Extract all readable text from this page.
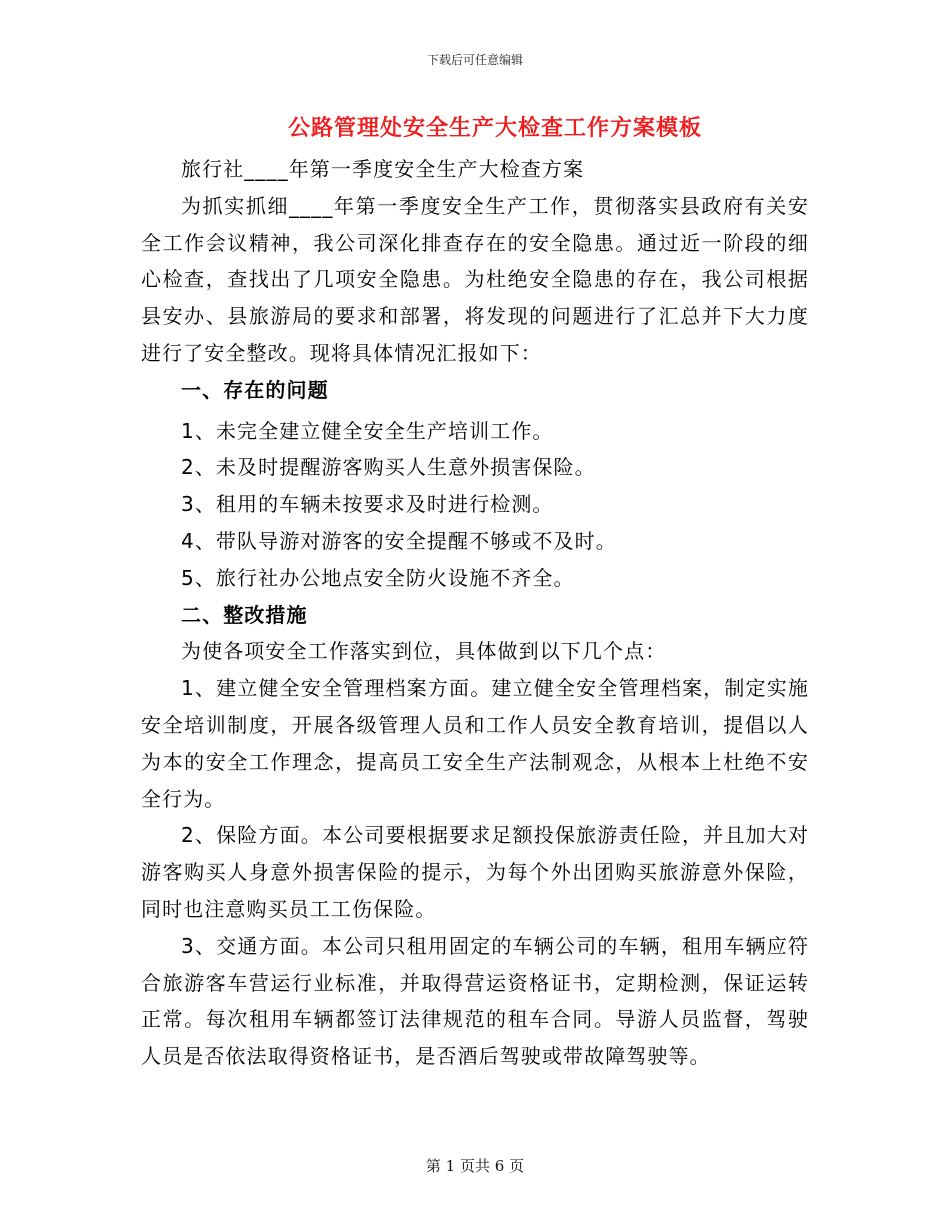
下载后可任意编辑
公路管理处安全生产大检查工作方案模板

旅行社____年第一季度安全生产大检查方案

为抓实抓细____年第一季度安全生产工作，贯彻落实县政府有关安全工作会议精神，我公司深化排查存在的安全隐患。通过近一阶段的细心检查，查找出了几项安全隐患。为杜绝安全隐患的存在，我公司根据县安办、县旅游局的要求和部署，将发现的问题进行了汇总并下大力度进行了安全整改。现将具体情况汇报如下：

一、存在的问题

1、未完全建立健全安全生产培训工作。

2、未及时提醒游客购买人生意外损害保险。

3、租用的车辆未按要求及时进行检测。

4、带队导游对游客的安全提醒不够或不及时。

5、旅行社办公地点安全防火设施不齐全。

二、整改措施

为使各项安全工作落实到位，具体做到以下几个点：

1、建立健全安全管理档案方面。建立健全安全管理档案，制定实施安全培训制度，开展各级管理人员和工作人员安全教育培训，提倡以人为本的安全工作理念，提高员工安全生产法制观念，从根本上杜绝不安全行为。

2、保险方面。本公司要根据要求足额投保旅游责任险，并且加大对游客购买人身意外损害保险的提示，为每个外出团购买旅游意外保险，同时也注意购买员工工伤保险。

3、交通方面。本公司只租用固定的车辆公司的车辆，租用车辆应符合旅游客车营运行业标准，并取得营运资格证书，定期检测，保证运转正常。每次租用车辆都签订法律规范的租车合同。导游人员监督，驾驶人员是否依法取得资格证书，是否酒后驾驶或带故障驾驶等。

第 1 页共 6 页
